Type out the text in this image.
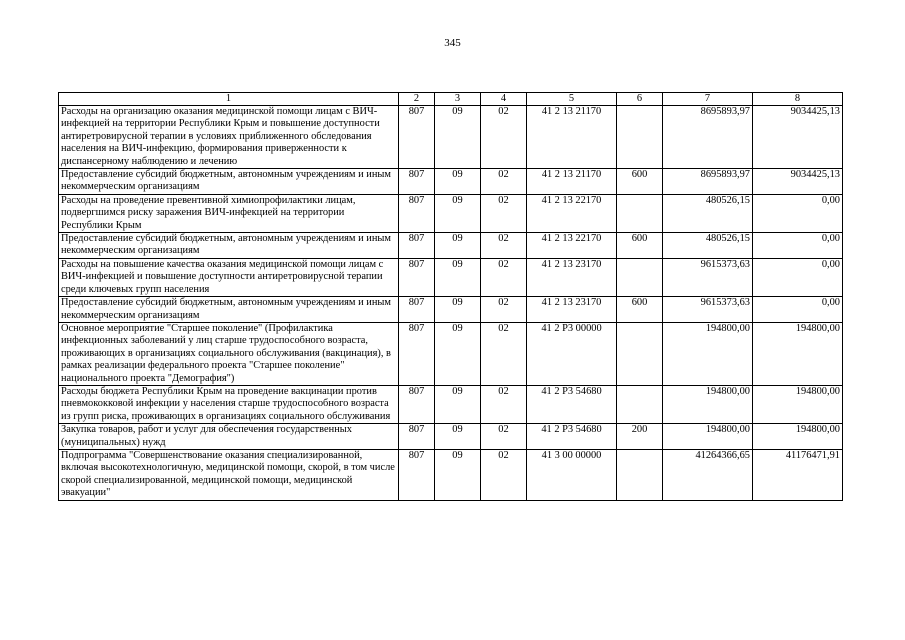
345
1	2	3	4	5	6	7	8
Расходы на организацию оказания медицинской помощи лицам с ВИЧ-инфекцией на территории Республики Крым и повышение доступности антиретровирусной терапии в условиях приближенного обследования населения на ВИЧ-инфекцию, формирования приверженности к диспансерному наблюдению и лечению	807	09	02	41 2 13 21170		8695893,97	9034425,13
Предоставление субсидий бюджетным, автономным учреждениям и иным некоммерческим организациям	807	09	02	41 2 13 21170	600	8695893,97	9034425,13
Расходы на проведение превентивной химиопрофилактики лицам, подвергшимся риску заражения ВИЧ-инфекцией на территории Республики Крым	807	09	02	41 2 13 22170		480526,15	0,00
Предоставление субсидий бюджетным, автономным учреждениям и иным некоммерческим организациям	807	09	02	41 2 13 22170	600	480526,15	0,00
Расходы на повышение качества оказания медицинской помощи лицам с ВИЧ-инфекцией и повышение доступности антиретровирусной терапии среди ключевых групп населения	807	09	02	41 2 13 23170		9615373,63	0,00
Предоставление субсидий бюджетным, автономным учреждениям и иным некоммерческим организациям	807	09	02	41 2 13 23170	600	9615373,63	0,00
Основное мероприятие "Старшее поколение" (Профилактика инфекционных заболеваний у лиц старше трудоспособного возраста, проживающих в организациях социального обслуживания (вакцинация), в рамках реализации федерального проекта "Старшее поколение" национального проекта "Демография")	807	09	02	41 2 P3 00000		194800,00	194800,00
Расходы бюджета Республики Крым на проведение вакцинации против пневмококковой инфекции у населения старше трудоспособного возраста из групп риска, проживающих в организациях социального обслуживания	807	09	02	41 2 P3 54680		194800,00	194800,00
Закупка товаров, работ и услуг для обеспечения государственных (муниципальных) нужд	807	09	02	41 2 P3 54680	200	194800,00	194800,00
Подпрограмма "Совершенствование оказания специализированной, включая высокотехнологичную, медицинской помощи, скорой, в том числе скорой специализированной, медицинской помощи, медицинской эвакуации"	807	09	02	41 3 00 00000		41264366,65	41176471,91
